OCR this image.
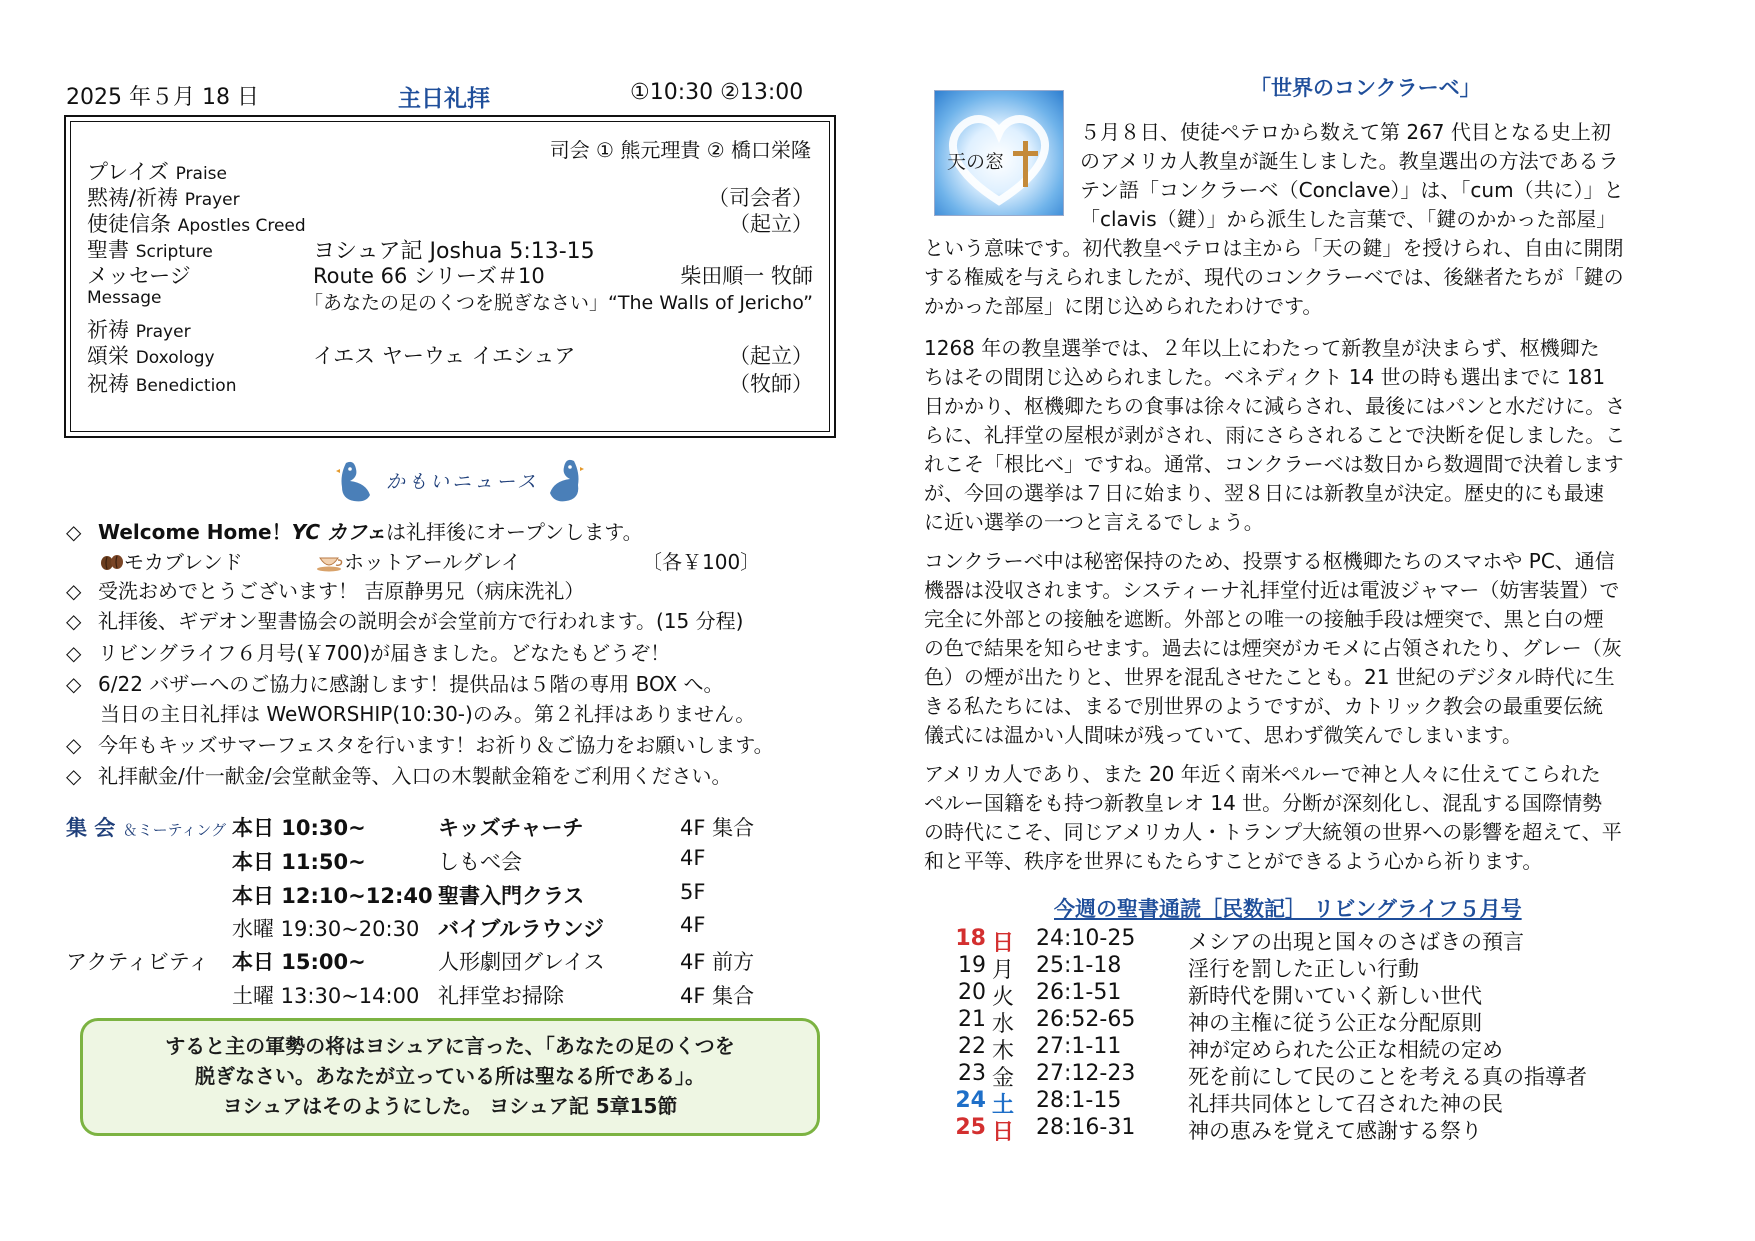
2025 年５月 18 日	主日礼拝	①10:30 ②13:00
司会 ① 熊元理貴 ② 橋口栄隆
プレイズ Praise
黙祷/祈祷 Prayer	（司会者）
使徒信条 Apostles Creed	（起立）
聖書 Scripture	ヨシュア記 Joshua 5:13-15
メッセージ	Route 66 シリーズ＃10	柴田順一 牧師
Message	「あなたの足のくつを脱ぎなさい」“The Walls of Jericho”
祈祷 Prayer
頌栄 Doxology	イエス ヤーウェ イエシュア	（起立）
祝祷 Benediction	（牧師）
かもいニュース
◇ Welcome Home！YC カフェは礼拝後にオープンします。
モカブレンド	ホットアールグレイ	〔各￥100〕
◇ 受洗おめでとうございます！ 吉原静男兄（病床洗礼）
◇ 礼拝後、ギデオン聖書協会の説明会が会堂前方で行われます。(15 分程)
◇ リビングライフ６月号(￥700)が届きました。どなたもどうぞ！
◇ 6/22 バザーへのご協力に感謝します！提供品は５階の専用 BOX へ。
当日の主日礼拝は WeWORSHIP(10:30-)のみ。第２礼拝はありません。
◇ 今年もキッズサマーフェスタを行います！お祈り＆ご協力をお願いします。
◇ 礼拝献金/什一献金/会堂献金等、入口の木製献金箱をご利用ください。
集 会 ＆ミーティング
アクティビティ
本日 10:30~	キッズチャーチ	4F 集合
本日 11:50~	しもべ会	4F
本日 12:10~12:40 聖書入門クラス	5F
水曜 19:30~20:30 バイブルラウンジ	4F
本日 15:00~	人形劇団グレイス	4F 前方
土曜 13:30~14:00 礼拝堂お掃除	4F 集合
すると主の軍勢の将はヨシュアに言った、「あなたの足のくつを
脱ぎなさい。あなたが立っている所は聖なる所である」。
ヨシュアはそのようにした。 ヨシュア記 5章15節
「世界のコンクラーベ」
天の窓
５月８日、使徒ペテロから数えて第 267 代目となる史上初
のアメリカ人教皇が誕生しました。教皇選出の方法であるラ
テン語「コンクラーベ（Conclave）」は、「cum（共に）」と
「clavis（鍵）」から派生した言葉で、「鍵のかかった部屋」
という意味です。初代教皇ペテロは主から「天の鍵」を授けられ、自由に開閉
する権威を与えられましたが、現代のコンクラーベでは、後継者たちが「鍵の
かかった部屋」に閉じ込められたわけです。
1268 年の教皇選挙では、２年以上にわたって新教皇が決まらず、枢機卿た
ちはその間閉じ込められました。ベネディクト 14 世の時も選出までに 181
日かかり、枢機卿たちの食事は徐々に減らされ、最後にはパンと水だけに。さ
らに、礼拝堂の屋根が剥がされ、雨にさらされることで決断を促しました。こ
れこそ「根比べ」ですね。通常、コンクラーベは数日から数週間で決着します
が、今回の選挙は７日に始まり、翌８日には新教皇が決定。歴史的にも最速
に近い選挙の一つと言えるでしょう。
コンクラーベ中は秘密保持のため、投票する枢機卿たちのスマホや PC、通信
機器は没収されます。システィーナ礼拝堂付近は電波ジャマー（妨害装置）で
完全に外部との接触を遮断。外部との唯一の接触手段は煙突で、黒と白の煙
の色で結果を知らせます。過去には煙突がカモメに占領されたり、グレー（灰
色）の煙が出たりと、世界を混乱させたことも。21 世紀のデジタル時代に生
きる私たちには、まるで別世界のようですが、カトリック教会の最重要伝統
儀式には温かい人間味が残っていて、思わず微笑んでしまいます。
アメリカ人であり、また 20 年近く南米ペルーで神と人々に仕えてこられた
ペルー国籍をも持つ新教皇レオ 14 世。分断が深刻化し、混乱する国際情勢
の時代にこそ、同じアメリカ人・トランプ大統領の世界への影響を超えて、平
和と平等、秩序を世界にもたらすことができるよう心から祈ります。
今週の聖書通読［民数記］ リビングライフ５月号
18 日 24:10-25	メシアの出現と国々のさばきの預言
19 月 25:1-18	淫行を罰した正しい行動
20 火 26:1-51	新時代を開いていく新しい世代
21 水 26:52-65	神の主権に従う公正な分配原則
22 木 27:1-11	神が定められた公正な相続の定め
23 金 27:12-23	死を前にして民のことを考える真の指導者
24 土 28:1-15	礼拝共同体として召された神の民
25 日 28:16-31	神の恵みを覚えて感謝する祭り
